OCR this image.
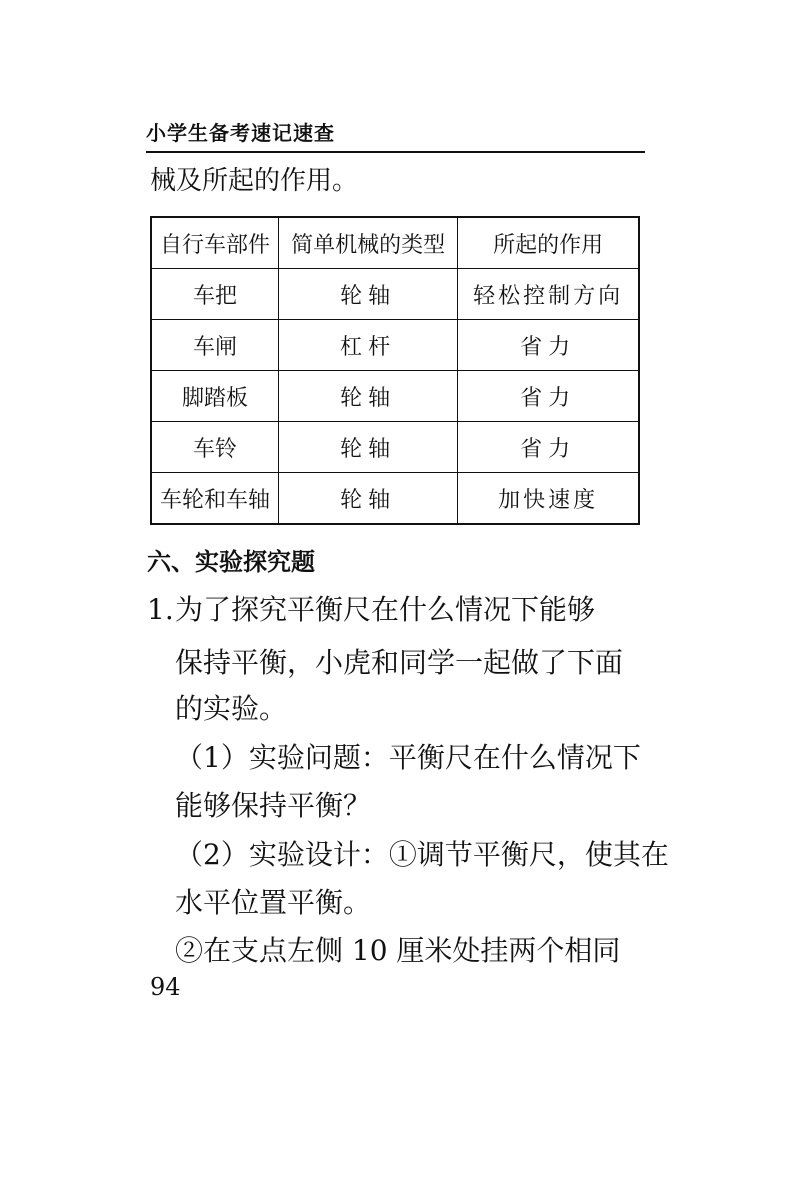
小学生备考速记速查
械及所起的作用。
自行车部件	简单机械的类型	所起的作用
车把	轮轴	轻松控制方向
车闸	杠杆	省力
脚踏板	轮轴	省力
车铃	轮轴	省力
车轮和车轴	轮轴	加快速度
六、实验探究题
1. 为了探究平衡尺在什么情况下能够
保持平衡，小虎和同学一起做了下面
的实验。
（1）实验问题：平衡尺在什么情况下
能够保持平衡？
（2）实验设计：①调节平衡尺，使其在
水平位置平衡。
②在支点左侧 10 厘米处挂两个相同
94
